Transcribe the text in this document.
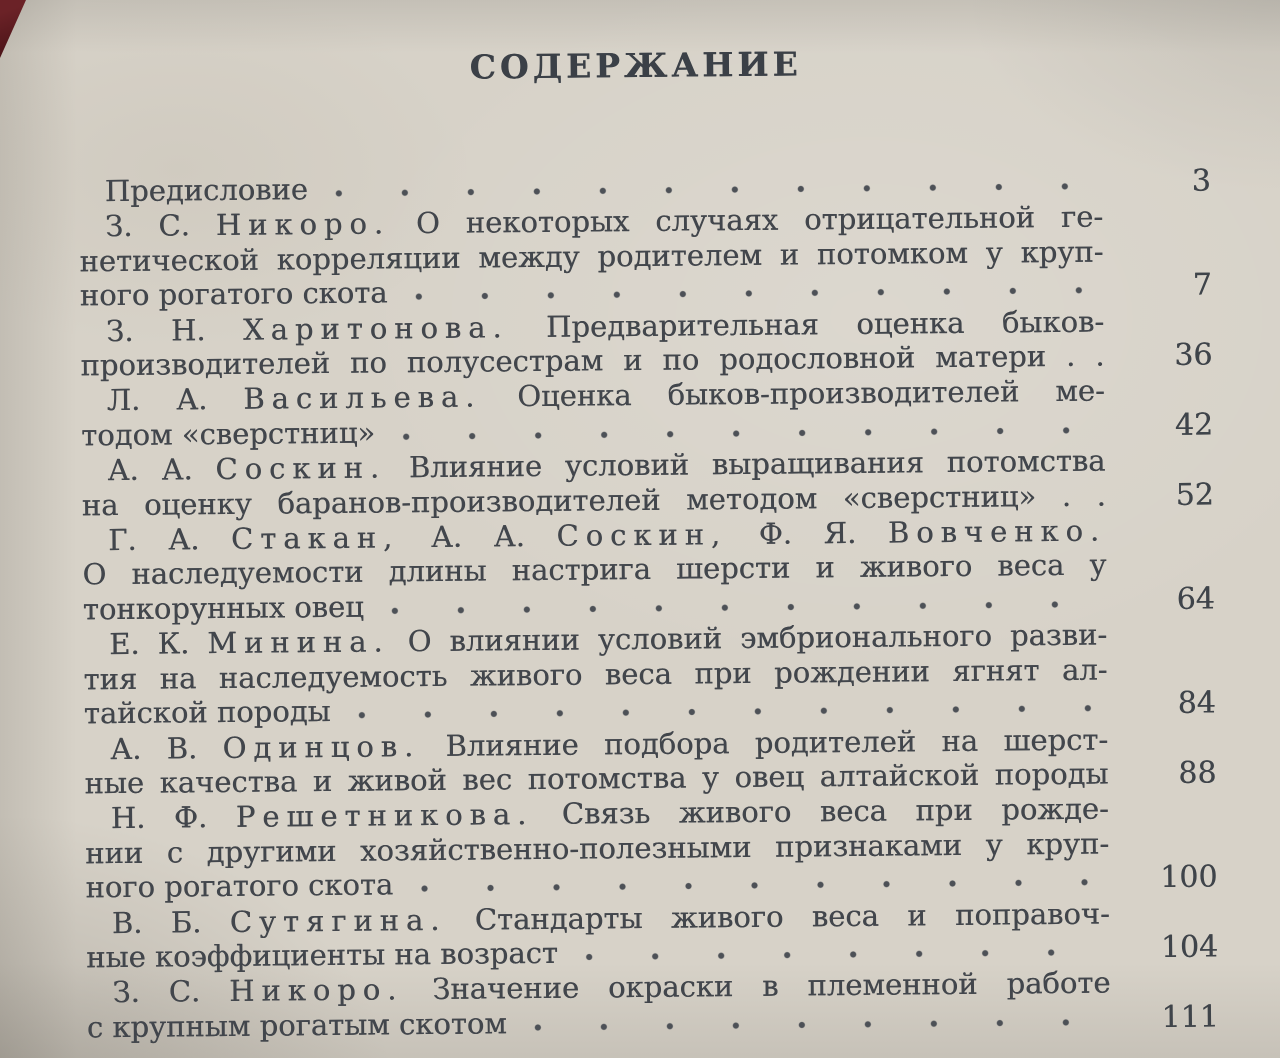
СОДЕРЖАНИЕ
Предисловие	3
З. С. Никоро. О некоторых случаях отрицательной ге-
нетической корреляции между родителем и потомком у круп-
ного рогатого скота	7
З. Н. Харитонова. Предварительная оценка быков-
производителей по полусестрам и по родословной матери . .	36
Л. А. Васильева. Оценка быков-производителей ме-
тодом «сверстниц»	42
А. А. Соскин. Влияние условий выращивания потомства
на оценку баранов-производителей методом «сверстниц» . .	52
Г. А. Стакан, А. А. Соскин, Ф. Я. Вовченко.
О наследуемости длины настрига шерсти и живого веса у
тонкорунных овец	64
Е. К. Минина. О влиянии условий эмбрионального разви-
тия на наследуемость живого веса при рождении ягнят ал-
тайской породы	84
А. В. Одинцов. Влияние подбора родителей на шерст-
ные качества и живой вес потомства у овец алтайской породы	88
Н. Ф. Решетникова. Связь живого веса при рожде-
нии с другими хозяйственно-полезными признаками у круп-
ного рогатого скота	100
В. Б. Сутягина. Стандарты живого веса и поправоч-
ные коэффициенты на возраст	104
З. С. Никоро. Значение окраски в племенной работе
с крупным рогатым скотом	111
